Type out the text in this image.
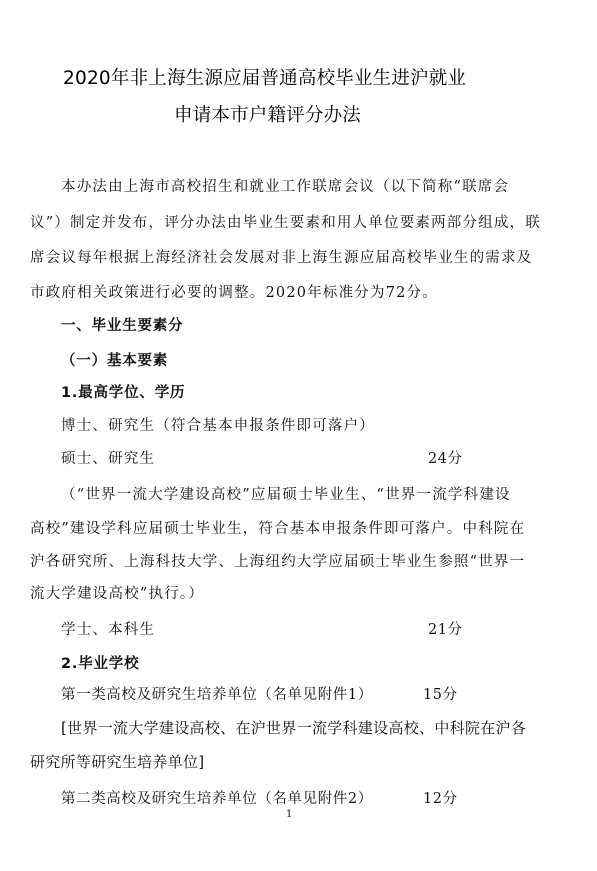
2020年非上海生源应届普通高校毕业生进沪就业
申请本市户籍评分办法
本办法由上海市高校招生和就业工作联席会议（以下简称“联席会
议”）制定并发布，评分办法由毕业生要素和用人单位要素两部分组成，联
席会议每年根据上海经济社会发展对非上海生源应届高校毕业生的需求及
市政府相关政策进行必要的调整。2020年标准分为72分。
一、毕业生要素分
（一）基本要素
1.最高学位、学历
博士、研究生（符合基本申报条件即可落户）
硕士、研究生	24分
（“世界一流大学建设高校”应届硕士毕业生、“世界一流学科建设
高校”建设学科应届硕士毕业生，符合基本申报条件即可落户。中科院在
沪各研究所、上海科技大学、上海纽约大学应届硕士毕业生参照“世界一
流大学建设高校”执行。）
学士、本科生	21分
2.毕业学校
第一类高校及研究生培养单位（名单见附件1）	15分
[世界一流大学建设高校、在沪世界一流学科建设高校、中科院在沪各
研究所等研究生培养单位]
第二类高校及研究生培养单位（名单见附件2）	12分
1
